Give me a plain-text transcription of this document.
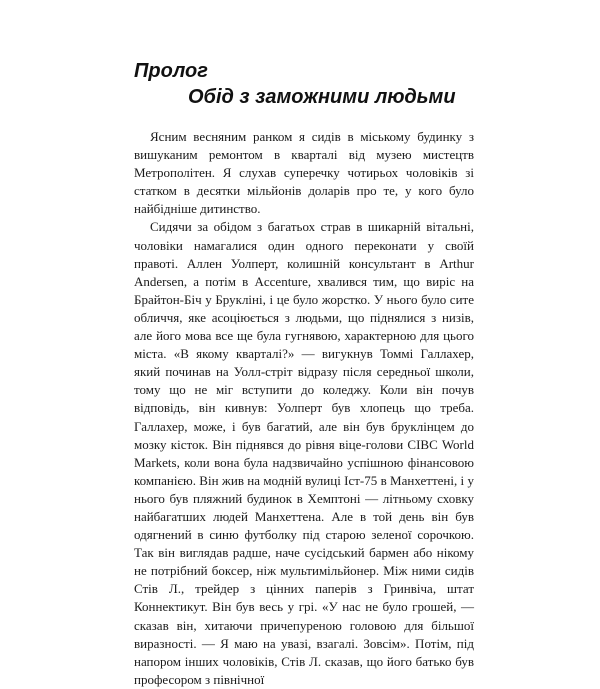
Пролог

Обід з заможними людьми

Ясним весняним ранком я сидів в міському будинку з вишуканим ремонтом в кварталі від музею мистецтв Метрополітен. Я слухав суперечку чотирьох чоловіків зі статком в десятки мільйонів доларів про те, у кого було найбідніше дитинство.

Сидячи за обідом з багатьох страв в шикарній вітальні, чоловіки намагалися один одного переконати у своїй правоті. Аллен Уолперт, колишній консультант в Arthur Andersen, а потім в Accenture, хвалився тим, що виріс на Брайтон-Біч у Брукліні, і це було жорстко. У нього було сите обличчя, яке асоціюється з людьми, що піднялися з низів, але його мова все ще була гугнявою, характерною для цього міста. «В якому кварталі?» — вигукнув Томмі Галлахер, який починав на Уолл-стріт відразу після середньої школи, тому що не міг вступити до коледжу. Коли він почув відповідь, він кивнув: Уолперт був хлопець що треба. Галлахер, може, і був багатий, але він був бруклінцем до мозку кісток. Він піднявся до рівня віце-голови CIBC World Markets, коли вона була надзвичайно успішною фінансовою компанією. Він жив на модній вулиці Іст-75 в Манхеттені, і у нього був пляжний будинок в Хемптоні — літньому сховку найбагатших людей Манхеттена. Але в той день він був одягнений в синю футболку під старою зеленої сорочкою. Так він виглядав радше, наче сусідський бармен або нікому не потрібний боксер, ніж мультимільйонер. Між ними сидів Стів Л., трейдер з цінних паперів з Гринвіча, штат Коннектикут. Він був весь у грі. «У нас не було грошей, — сказав він, хитаючи причепуреною головою для більшої виразності. — Я маю на увазі, взагалі. Зовсім». Потім, під напором інших чоловіків, Стів Л. сказав, що його батько був професором з північної
